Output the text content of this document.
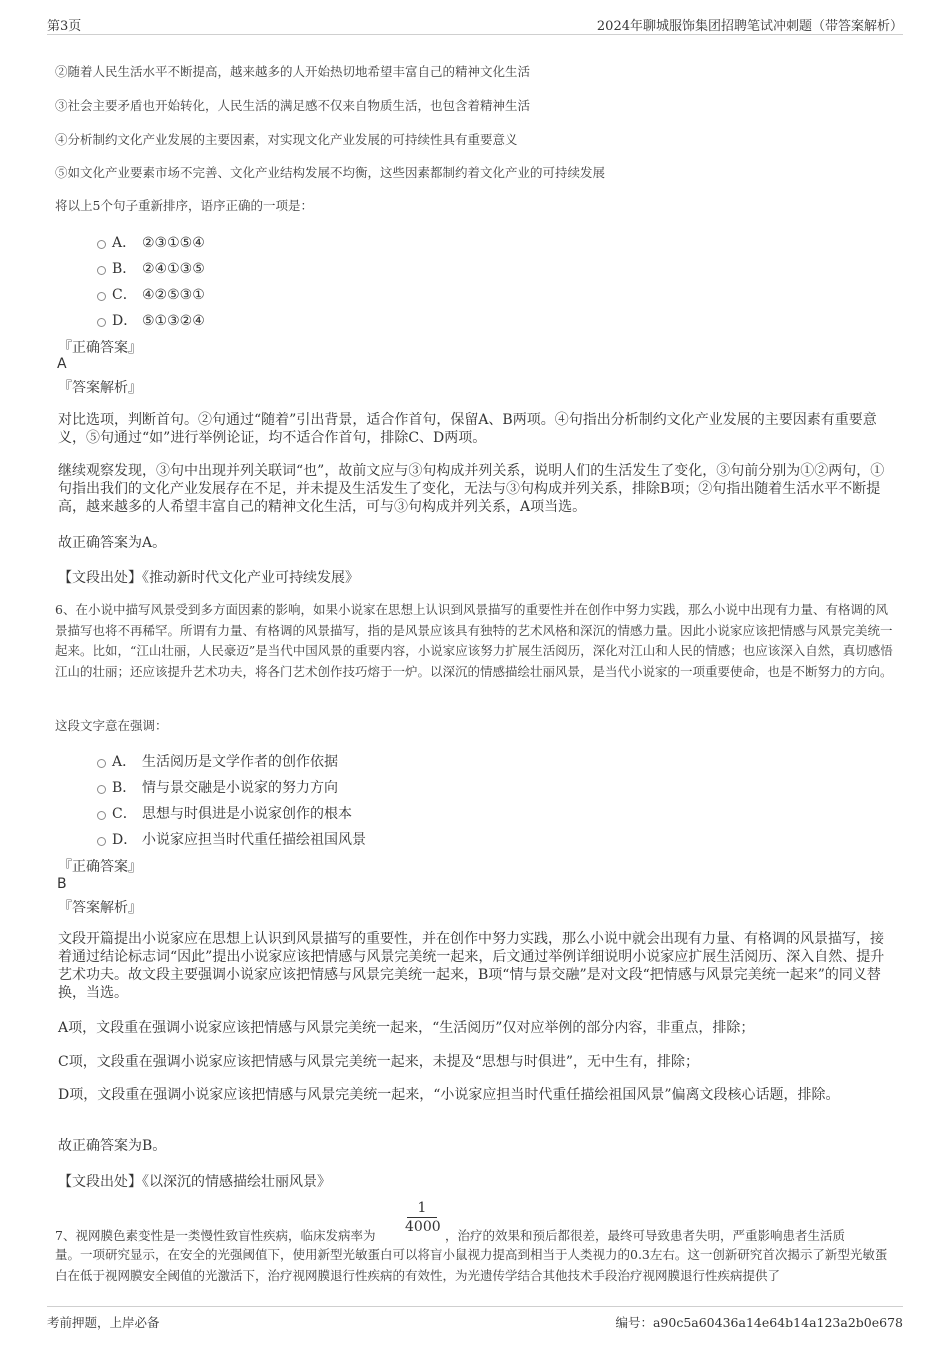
第3页	2024年聊城服饰集团招聘笔试冲刺题（带答案解析）
②随着人民生活水平不断提高，越来越多的人开始热切地希望丰富自己的精神文化生活
③社会主要矛盾也开始转化，人民生活的满足感不仅来自物质生活，也包含着精神生活
④分析制约文化产业发展的主要因素，对实现文化产业发展的可持续性具有重要意义
⑤如文化产业要素市场不完善、文化产业结构发展不均衡，这些因素都制约着文化产业的可持续发展
将以上5个句子重新排序，语序正确的一项是：
A． ②③①⑤④
B． ②④①③⑤
C． ④②⑤③①
D． ⑤①③②④
『正确答案』
A
『答案解析』
对比选项，判断首句。②句通过“随着”引出背景，适合作首句，保留A、B两项。④句指出分析制约文化产业发展的主要因素有重要意义，⑤句通过“如”进行举例论证，均不适合作首句，排除C、D两项。
继续观察发现，③句中出现并列关联词“也”，故前文应与③句构成并列关系，说明人们的生活发生了变化，③句前分别为①②两句，①句指出我们的文化产业发展存在不足，并未提及生活发生了变化，无法与③句构成并列关系，排除B项；②句指出随着生活水平不断提高，越来越多的人希望丰富自己的精神文化生活，可与③句构成并列关系，A项当选。
故正确答案为A。
【文段出处】《推动新时代文化产业可持续发展》
6、在小说中描写风景受到多方面因素的影响，如果小说家在思想上认识到风景描写的重要性并在创作中努力实践，那么小说中出现有力量、有格调的风景描写也将不再稀罕。所谓有力量、有格调的风景描写，指的是风景应该具有独特的艺术风格和深沉的情感力量。因此小说家应该把情感与风景完美统一起来。比如，“江山壮丽，人民豪迈”是当代中国风景的重要内容，小说家应该努力扩展生活阅历，深化对江山和人民的情感；也应该深入自然，真切感悟江山的壮丽；还应该提升艺术功夫，将各门艺术创作技巧熔于一炉。以深沉的情感描绘壮丽风景，是当代小说家的一项重要使命，也是不断努力的方向。
这段文字意在强调：
A． 生活阅历是文学作者的创作依据
B． 情与景交融是小说家的努力方向
C． 思想与时俱进是小说家创作的根本
D． 小说家应担当时代重任描绘祖国风景
『正确答案』
B
『答案解析』
文段开篇提出小说家应在思想上认识到风景描写的重要性，并在创作中努力实践，那么小说中就会出现有力量、有格调的风景描写，接着通过结论标志词“因此”提出小说家应该把情感与风景完美统一起来，后文通过举例详细说明小说家应扩展生活阅历、深入自然、提升艺术功夫。故文段主要强调小说家应该把情感与风景完美统一起来，B项“情与景交融”是对文段“把情感与风景完美统一起来”的同义替换，当选。
A项，文段重在强调小说家应该把情感与风景完美统一起来，“生活阅历”仅对应举例的部分内容，非重点，排除；
C项，文段重在强调小说家应该把情感与风景完美统一起来，未提及“思想与时俱进”，无中生有，排除；
D项，文段重在强调小说家应该把情感与风景完美统一起来，“小说家应担当时代重任描绘祖国风景”偏离文段核心话题，排除。
故正确答案为B。
【文段出处】《以深沉的情感描绘壮丽风景》
7、视网膜色素变性是一类慢性致盲性疾病，临床发病率为
1
4000
，治疗的效果和预后都很差，最终可导致患者失明，严重影响患者生活质
量。一项研究显示，在安全的光强阈值下，使用新型光敏蛋白可以将盲小鼠视力提高到相当于人类视力的0.3左右。这一创新研究首次揭示了新型光敏蛋白在低于视网膜安全阈值的光激活下，治疗视网膜退行性疾病的有效性，为光遗传学结合其他技术手段治疗视网膜退行性疾病提供了
考前押题，上岸必备	编号：a90c5a60436a14e64b14a123a2b0e678
